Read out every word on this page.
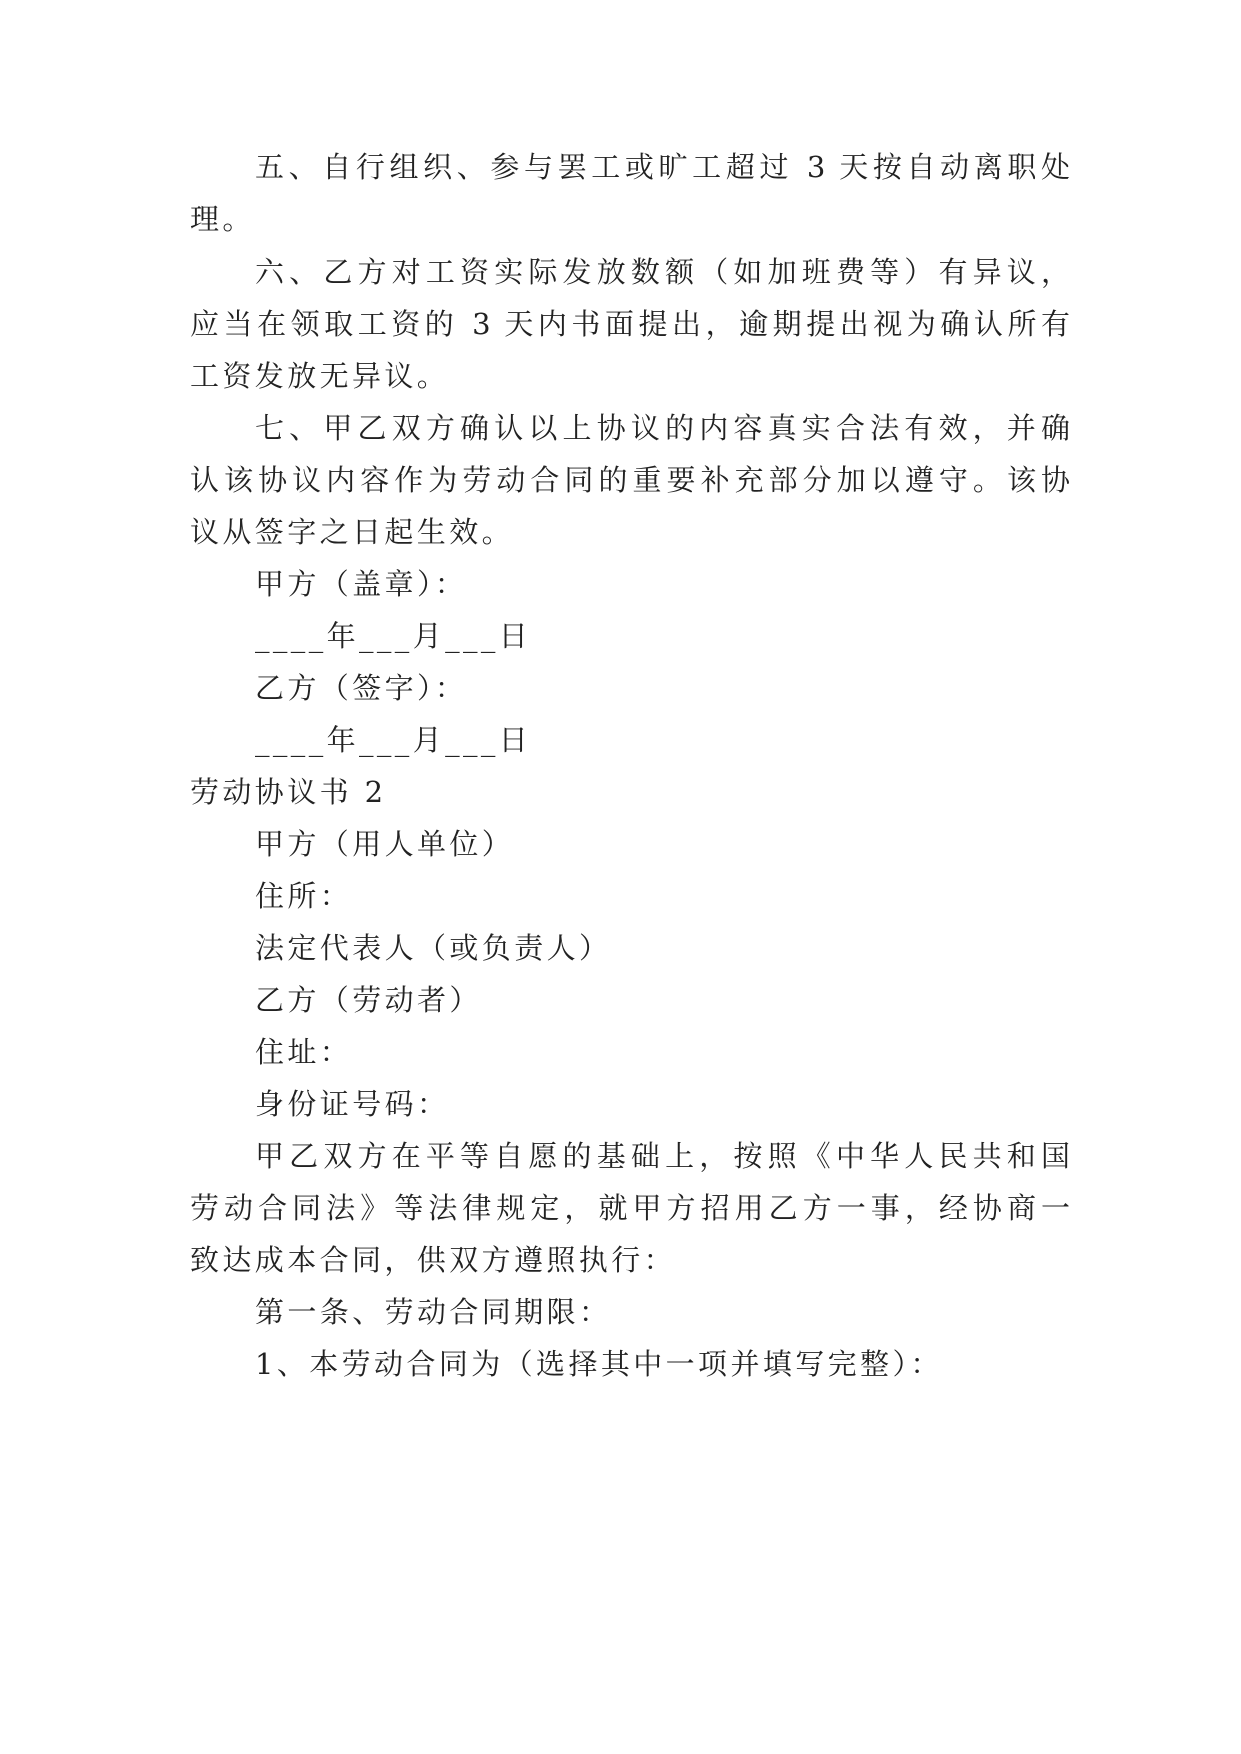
五、自行组织、参与罢工或旷工超过 3 天按自动离职处
理。
六、乙方对工资实际发放数额（如加班费等）有异议，
应当在领取工资的 3 天内书面提出，逾期提出视为确认所有
工资发放无异议。
七、甲乙双方确认以上协议的内容真实合法有效，并确
认该协议内容作为劳动合同的重要补充部分加以遵守。该协
议从签字之日起生效。
甲方（盖章）：
____年___月___日
乙方（签字）：
____年___月___日
劳动协议书 2
甲方（用人单位）
住所：
法定代表人（或负责人）
乙方（劳动者）
住址：
身份证号码：
甲乙双方在平等自愿的基础上，按照《中华人民共和国
劳动合同法》等法律规定，就甲方招用乙方一事，经协商一
致达成本合同，供双方遵照执行：
第一条、劳动合同期限：
1、本劳动合同为（选择其中一项并填写完整）：
